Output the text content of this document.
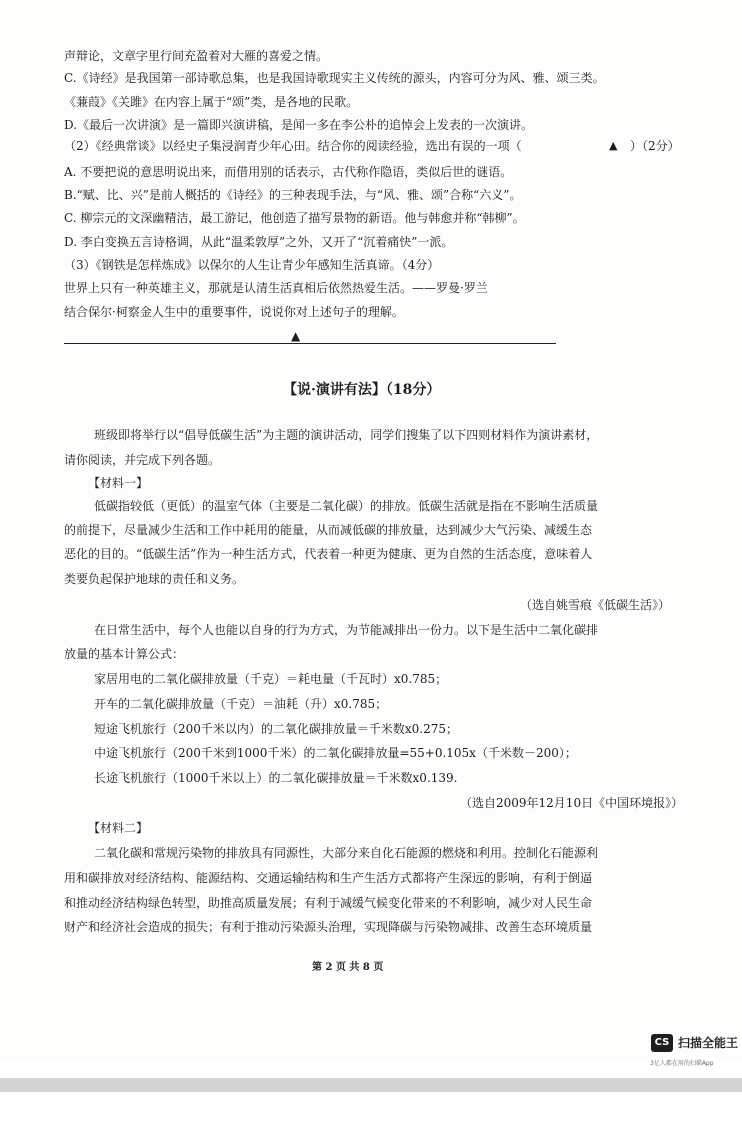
声辩论，文章字里行间充盈着对大雁的喜爱之情。
C.《诗经》是我国第一部诗歌总集，也是我国诗歌现实主义传统的源头，内容可分为风、雅、颂三类。
《蒹葭》《关雎》在内容上属于“颂”类，是各地的民歌。
D.《最后一次讲演》是一篇即兴演讲稿，是闻一多在李公朴的追悼会上发表的一次演讲。
（2）《经典常谈》以经史子集浸润青少年心田。结合你的阅读经验，选出有误的一项（	▲ ）（2分）
A. 不要把说的意思明说出来，而借用别的话表示，古代称作隐语，类似后世的谜语。
B.“赋、比、兴”是前人概括的《诗经》的三种表现手法，与“风、雅、颂”合称“六义”。
C. 柳宗元的文深幽精洁，最工游记，他创造了描写景物的新语。他与韩愈并称“韩柳”。
D. 李白变换五言诗格调，从此“温柔敦厚”之外，又开了“沉着痛快”一派。
（3）《钢铁是怎样炼成》以保尔的人生让青少年感知生活真谛。（4分）
世界上只有一种英雄主义，那就是认清生活真相后依然热爱生活。——罗曼·罗兰
结合保尔·柯察金人生中的重要事件，说说你对上述句子的理解。
▲
【说·演讲有法】（18分）
班级即将举行以“倡导低碳生活”为主题的演讲活动，同学们搜集了以下四则材料作为演讲素材，
请你阅读，并完成下列各题。
【材料一】
低碳指较低（更低）的温室气体（主要是二氧化碳）的排放。低碳生活就是指在不影响生活质量
的前提下，尽量减少生活和工作中耗用的能量，从而减低碳的排放量，达到减少大气污染、减缓生态
恶化的目的。“低碳生活”作为一种生活方式，代表着一种更为健康、更为自然的生活态度，意味着人
类要负起保护地球的责任和义务。
（选自姚雪痕《低碳生活》）
在日常生活中，每个人也能以自身的行为方式，为节能减排出一份力。以下是生活中二氧化碳排
放量的基本计算公式：
家居用电的二氧化碳排放量（千克）＝耗电量（千瓦时）x0.785；
开车的二氧化碳排放量（千克）＝油耗（升）x0.785；
短途飞机旅行（200千米以内）的二氧化碳排放量＝千米数x0.275；
中途飞机旅行（200千米到1000千米）的二氧化碳排放量=55+0.105x（千米数－200）；
长途飞机旅行（1000千米以上）的二氧化碳排放量＝千米数x0.139.
（选自2009年12月10日《中国环境报》）
【材料二】
二氧化碳和常规污染物的排放具有同源性，大部分来自化石能源的燃烧和利用。控制化石能源利
用和碳排放对经济结构、能源结构、交通运输结构和生产生活方式都将产生深远的影响，有利于倒逼
和推动经济结构绿色转型，助推高质量发展；有利于减缓气候变化带来的不利影响，减少对人民生命
财产和经济社会造成的损失；有利于推动污染源头治理，实现降碳与污染物减排、改善生态环境质量
第 2 页 共 8 页
CS 扫描全能王
3亿人都在用的扫描App
